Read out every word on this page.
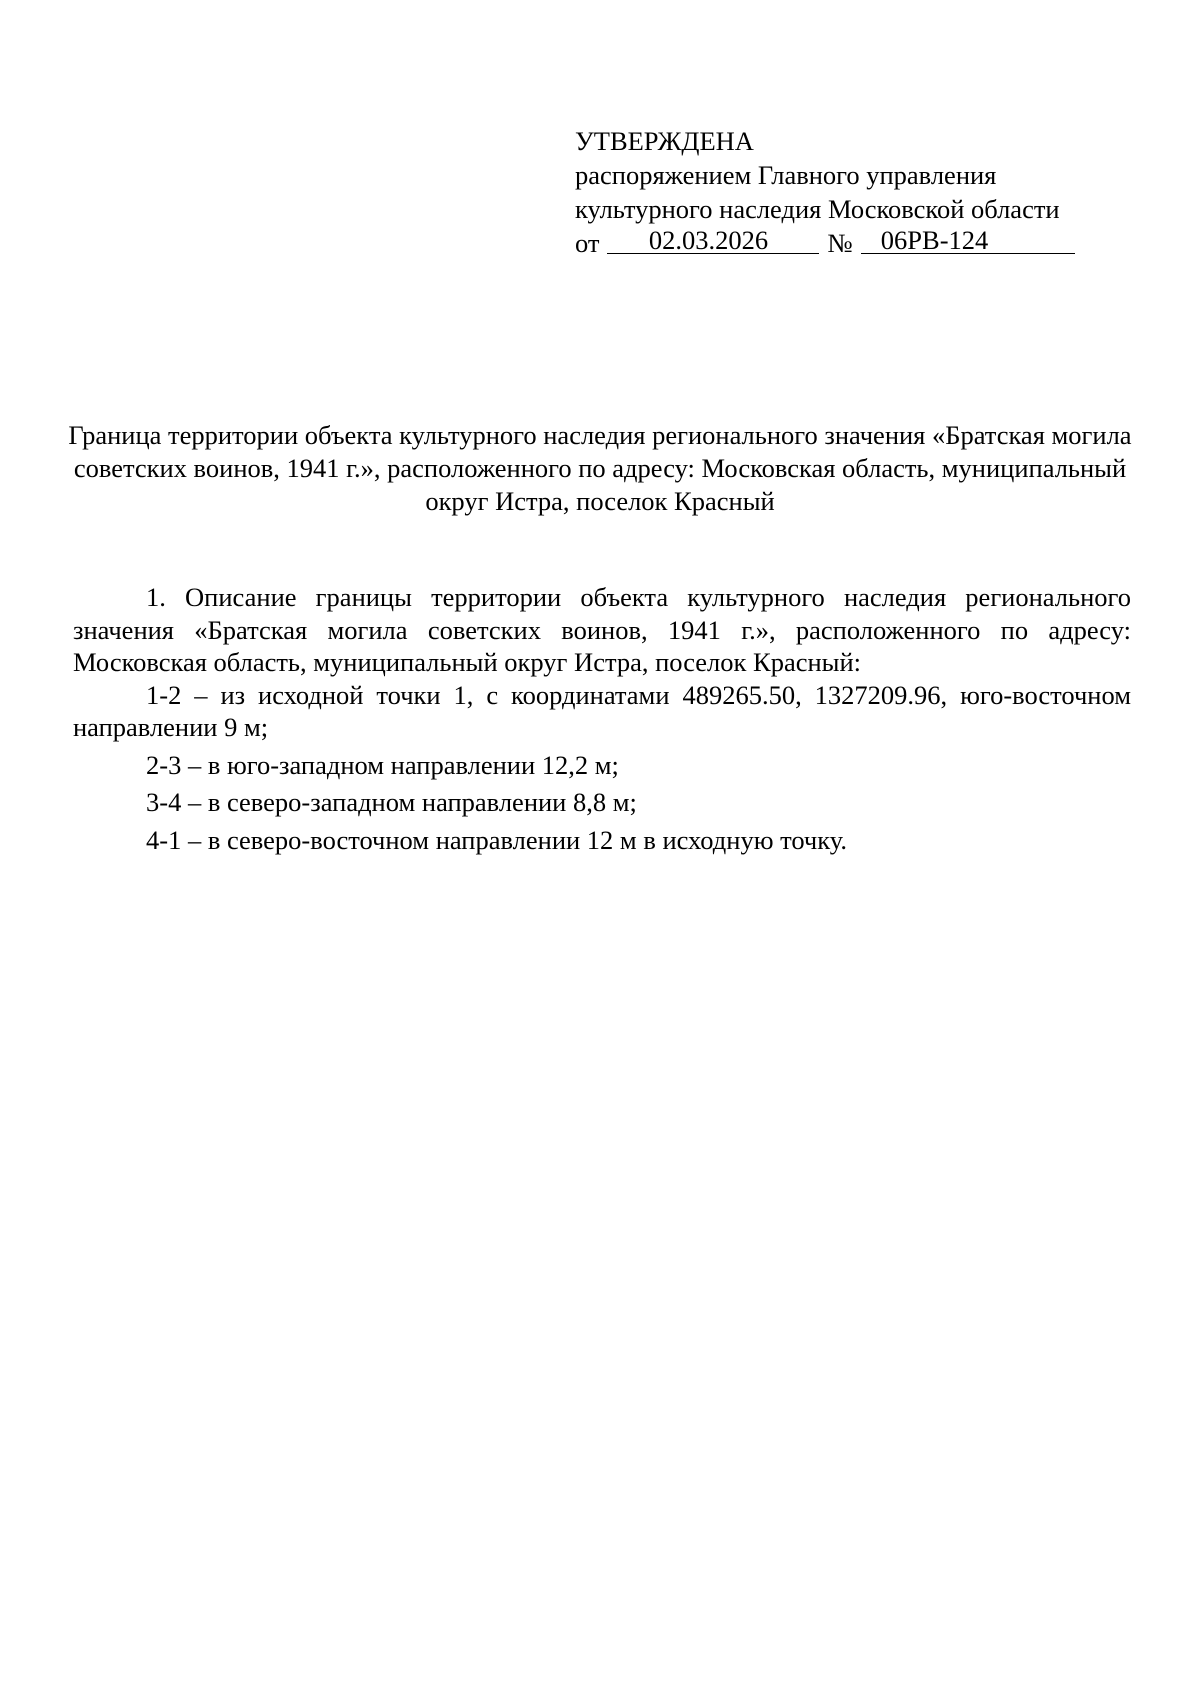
УТВЕРЖДЕНА
распоряжением Главного управления
культурного наследия Московской области
от	02.03.2026	№	06РВ-124
Граница территории объекта культурного наследия регионального значения «Братская могила советских воинов, 1941 г.», расположенного по адресу: Московская область, муниципальный округ Истра, поселок Красный

1. Описание границы территории объекта культурного наследия регионального значения «Братская могила советских воинов, 1941 г.», расположенного по адресу: Московская область, муниципальный округ Истра, поселок Красный:

1-2 – из исходной точки 1, с координатами 489265.50, 1327209.96, юго-восточном направлении 9 м;

2-3 – в юго-западном направлении 12,2 м;

3-4 – в северо-западном направлении 8,8 м;

4-1 – в северо-восточном направлении 12 м в исходную точку.
